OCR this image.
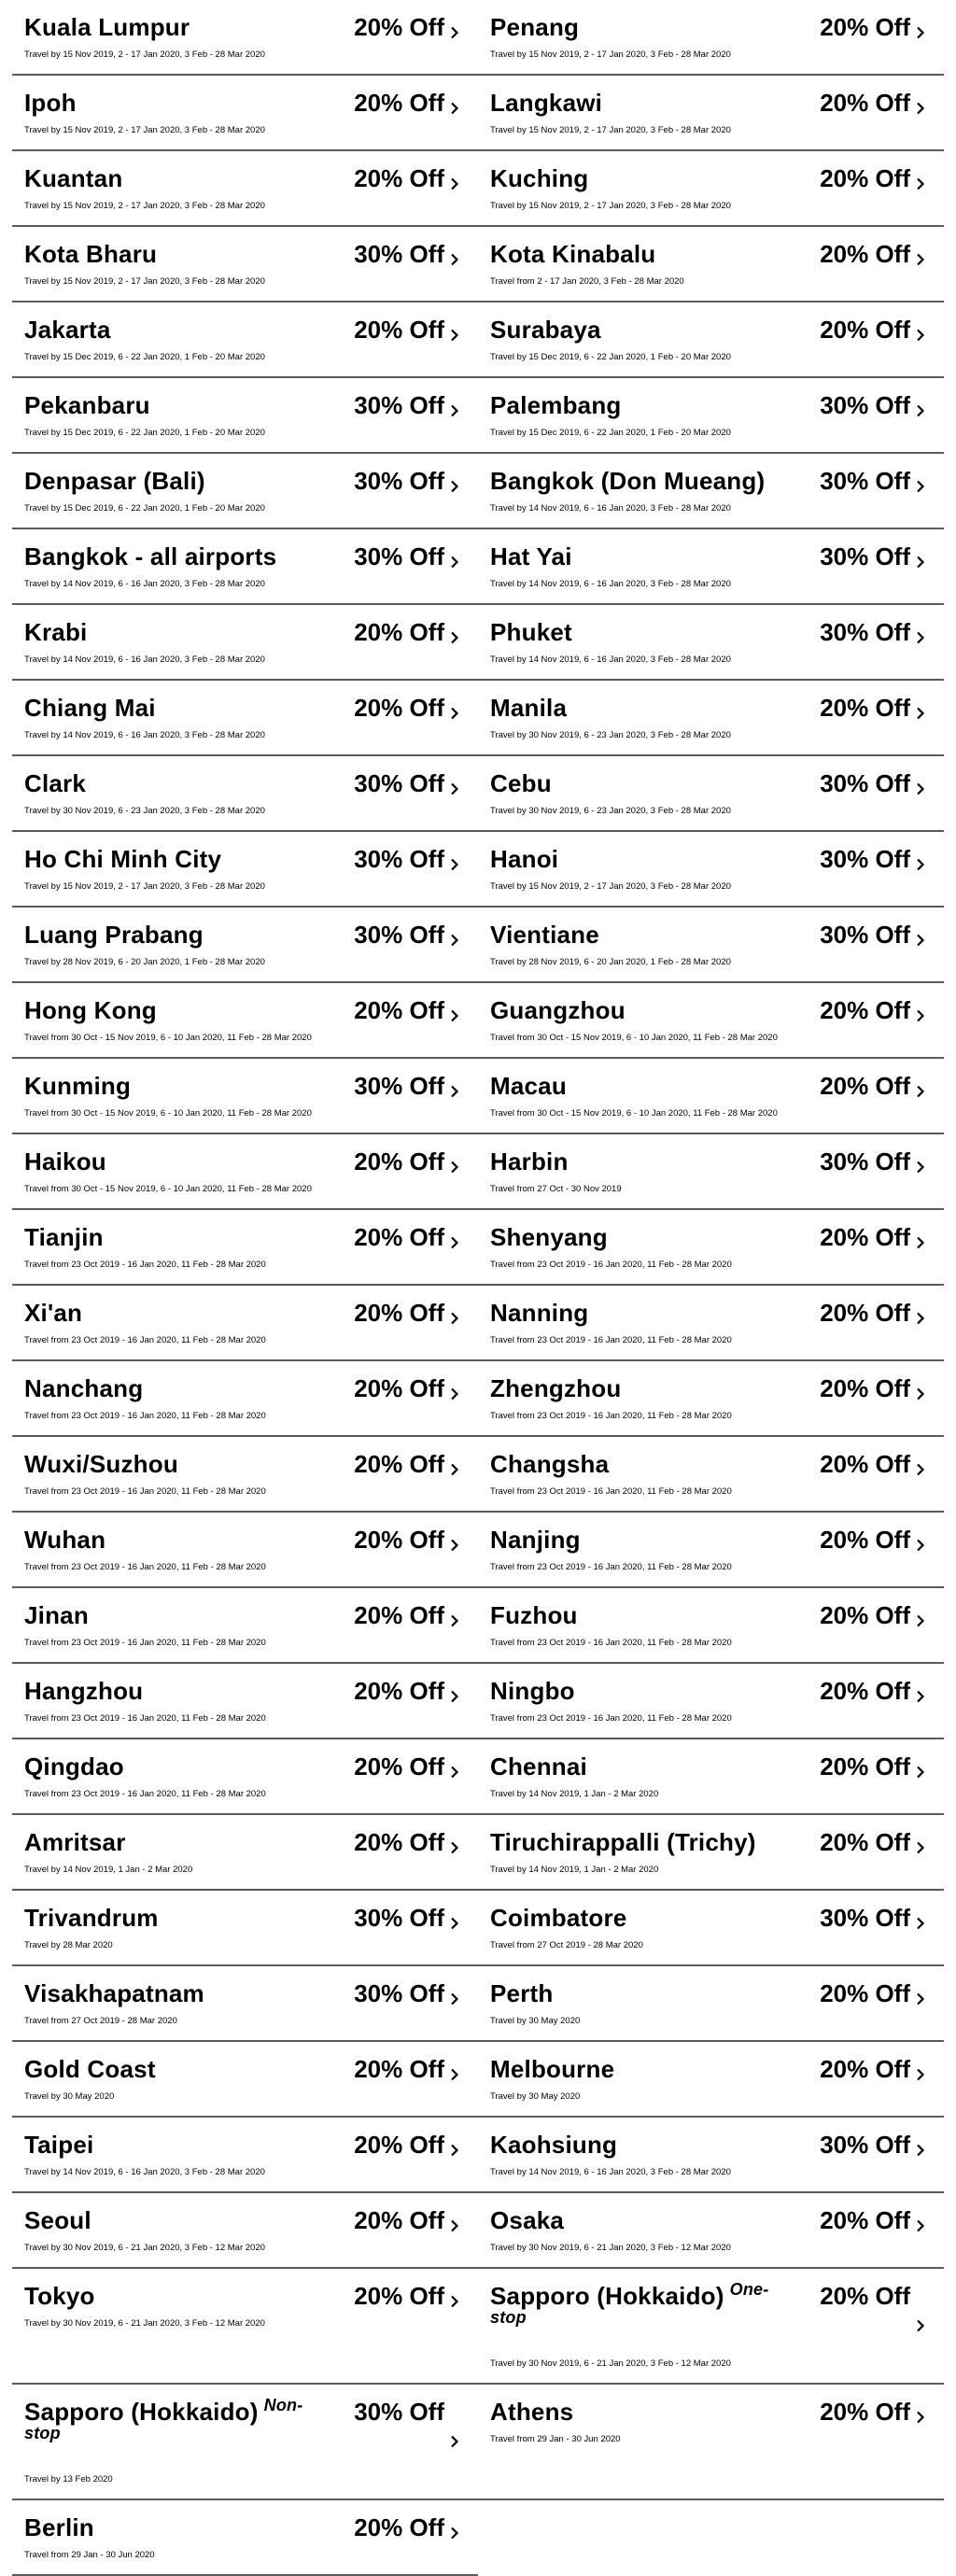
Kuala Lumpur	20% Off
Travel by 15 Nov 2019, 2 - 17 Jan 2020, 3 Feb - 28 Mar 2020
Penang	20% Off
Travel by 15 Nov 2019, 2 - 17 Jan 2020, 3 Feb - 28 Mar 2020
Ipoh	20% Off
Travel by 15 Nov 2019, 2 - 17 Jan 2020, 3 Feb - 28 Mar 2020
Langkawi	20% Off
Travel by 15 Nov 2019, 2 - 17 Jan 2020, 3 Feb - 28 Mar 2020
Kuantan	20% Off
Travel by 15 Nov 2019, 2 - 17 Jan 2020, 3 Feb - 28 Mar 2020
Kuching	20% Off
Travel by 15 Nov 2019, 2 - 17 Jan 2020, 3 Feb - 28 Mar 2020
Kota Bharu	30% Off
Travel by 15 Nov 2019, 2 - 17 Jan 2020, 3 Feb - 28 Mar 2020
Kota Kinabalu	20% Off
Travel from 2 - 17 Jan 2020, 3 Feb - 28 Mar 2020
Jakarta	20% Off
Travel by 15 Dec 2019, 6 - 22 Jan 2020, 1 Feb - 20 Mar 2020
Surabaya	20% Off
Travel by 15 Dec 2019, 6 - 22 Jan 2020, 1 Feb - 20 Mar 2020
Pekanbaru	30% Off
Travel by 15 Dec 2019, 6 - 22 Jan 2020, 1 Feb - 20 Mar 2020
Palembang	30% Off
Travel by 15 Dec 2019, 6 - 22 Jan 2020, 1 Feb - 20 Mar 2020
Denpasar (Bali)	30% Off
Travel by 15 Dec 2019, 6 - 22 Jan 2020, 1 Feb - 20 Mar 2020
Bangkok (Don Mueang) 30% Off
Travel by 14 Nov 2019, 6 - 16 Jan 2020, 3 Feb - 28 Mar 2020
Bangkok - all airports	30% Off
Travel by 14 Nov 2019, 6 - 16 Jan 2020, 3 Feb - 28 Mar 2020
Hat Yai	30% Off
Travel by 14 Nov 2019, 6 - 16 Jan 2020, 3 Feb - 28 Mar 2020
Krabi	20% Off
Travel by 14 Nov 2019, 6 - 16 Jan 2020, 3 Feb - 28 Mar 2020
Phuket	30% Off
Travel by 14 Nov 2019, 6 - 16 Jan 2020, 3 Feb - 28 Mar 2020
Chiang Mai	20% Off
Travel by 14 Nov 2019, 6 - 16 Jan 2020, 3 Feb - 28 Mar 2020
Manila	20% Off
Travel by 30 Nov 2019, 6 - 23 Jan 2020, 3 Feb - 28 Mar 2020
Clark	30% Off
Travel by 30 Nov 2019, 6 - 23 Jan 2020, 3 Feb - 28 Mar 2020
Cebu	30% Off
Travel by 30 Nov 2019, 6 - 23 Jan 2020, 3 Feb - 28 Mar 2020
Ho Chi Minh City	30% Off
Travel by 15 Nov 2019, 2 - 17 Jan 2020, 3 Feb - 28 Mar 2020
Hanoi	30% Off
Travel by 15 Nov 2019, 2 - 17 Jan 2020, 3 Feb - 28 Mar 2020
Luang Prabang	30% Off
Travel by 28 Nov 2019, 6 - 20 Jan 2020, 1 Feb - 28 Mar 2020
Vientiane	30% Off
Travel by 28 Nov 2019, 6 - 20 Jan 2020, 1 Feb - 28 Mar 2020
Hong Kong	20% Off
Travel from 30 Oct - 15 Nov 2019, 6 - 10 Jan 2020, 11 Feb - 28 Mar 2020
Guangzhou	20% Off
Travel from 30 Oct - 15 Nov 2019, 6 - 10 Jan 2020, 11 Feb - 28 Mar 2020
Kunming	30% Off
Travel from 30 Oct - 15 Nov 2019, 6 - 10 Jan 2020, 11 Feb - 28 Mar 2020
Macau	20% Off
Travel from 30 Oct - 15 Nov 2019, 6 - 10 Jan 2020, 11 Feb - 28 Mar 2020
Haikou	20% Off
Travel from 30 Oct - 15 Nov 2019, 6 - 10 Jan 2020, 11 Feb - 28 Mar 2020
Harbin	30% Off
Travel from 27 Oct - 30 Nov 2019
Tianjin	20% Off
Travel from 23 Oct 2019 - 16 Jan 2020, 11 Feb - 28 Mar 2020
Shenyang	20% Off
Travel from 23 Oct 2019 - 16 Jan 2020, 11 Feb - 28 Mar 2020
Xi'an	20% Off
Travel from 23 Oct 2019 - 16 Jan 2020, 11 Feb - 28 Mar 2020
Nanning	20% Off
Travel from 23 Oct 2019 - 16 Jan 2020, 11 Feb - 28 Mar 2020
Nanchang	20% Off
Travel from 23 Oct 2019 - 16 Jan 2020, 11 Feb - 28 Mar 2020
Zhengzhou	20% Off
Travel from 23 Oct 2019 - 16 Jan 2020, 11 Feb - 28 Mar 2020
Wuxi/Suzhou	20% Off
Travel from 23 Oct 2019 - 16 Jan 2020, 11 Feb - 28 Mar 2020
Changsha	20% Off
Travel from 23 Oct 2019 - 16 Jan 2020, 11 Feb - 28 Mar 2020
Wuhan	20% Off
Travel from 23 Oct 2019 - 16 Jan 2020, 11 Feb - 28 Mar 2020
Nanjing	20% Off
Travel from 23 Oct 2019 - 16 Jan 2020, 11 Feb - 28 Mar 2020
Jinan	20% Off
Travel from 23 Oct 2019 - 16 Jan 2020, 11 Feb - 28 Mar 2020
Fuzhou	20% Off
Travel from 23 Oct 2019 - 16 Jan 2020, 11 Feb - 28 Mar 2020
Hangzhou	20% Off
Travel from 23 Oct 2019 - 16 Jan 2020, 11 Feb - 28 Mar 2020
Ningbo	20% Off
Travel from 23 Oct 2019 - 16 Jan 2020, 11 Feb - 28 Mar 2020
Qingdao	20% Off
Travel from 23 Oct 2019 - 16 Jan 2020, 11 Feb - 28 Mar 2020
Chennai	20% Off
Travel by 14 Nov 2019, 1 Jan - 2 Mar 2020
Amritsar	20% Off
Travel by 14 Nov 2019, 1 Jan - 2 Mar 2020
Tiruchirappalli (Trichy)	20% Off
Travel by 14 Nov 2019, 1 Jan - 2 Mar 2020
Trivandrum	30% Off
Travel by 28 Mar 2020
Coimbatore	30% Off
Travel from 27 Oct 2019 - 28 Mar 2020
Visakhapatnam	30% Off
Travel from 27 Oct 2019 - 28 Mar 2020
Perth	20% Off
Travel by 30 May 2020
Gold Coast	20% Off
Travel by 30 May 2020
Melbourne	20% Off
Travel by 30 May 2020
Taipei	20% Off
Travel by 14 Nov 2019, 6 - 16 Jan 2020, 3 Feb - 28 Mar 2020
Kaohsiung	30% Off
Travel by 14 Nov 2019, 6 - 16 Jan 2020, 3 Feb - 28 Mar 2020
Seoul	20% Off
Travel by 30 Nov 2019, 6 - 21 Jan 2020, 3 Feb - 12 Mar 2020
Osaka	20% Off
Travel by 30 Nov 2019, 6 - 21 Jan 2020, 3 Feb - 12 Mar 2020
Tokyo	20% Off
Travel by 30 Nov 2019, 6 - 21 Jan 2020, 3 Feb - 12 Mar 2020
Sapporo (Hokkaido) $^{One-stop}$
20% Off
Travel by 30 Nov 2019, 6 - 21 Jan 2020, 3 Feb - 12 Mar 2020
Sapporo (Hokkaido) $^{Non-stop}$
30% Off
Travel by 13 Feb 2020
Athens	20% Off
Travel from 29 Jan - 30 Jun 2020
Berlin	20% Off
Travel from 29 Jan - 30 Jun 2020
